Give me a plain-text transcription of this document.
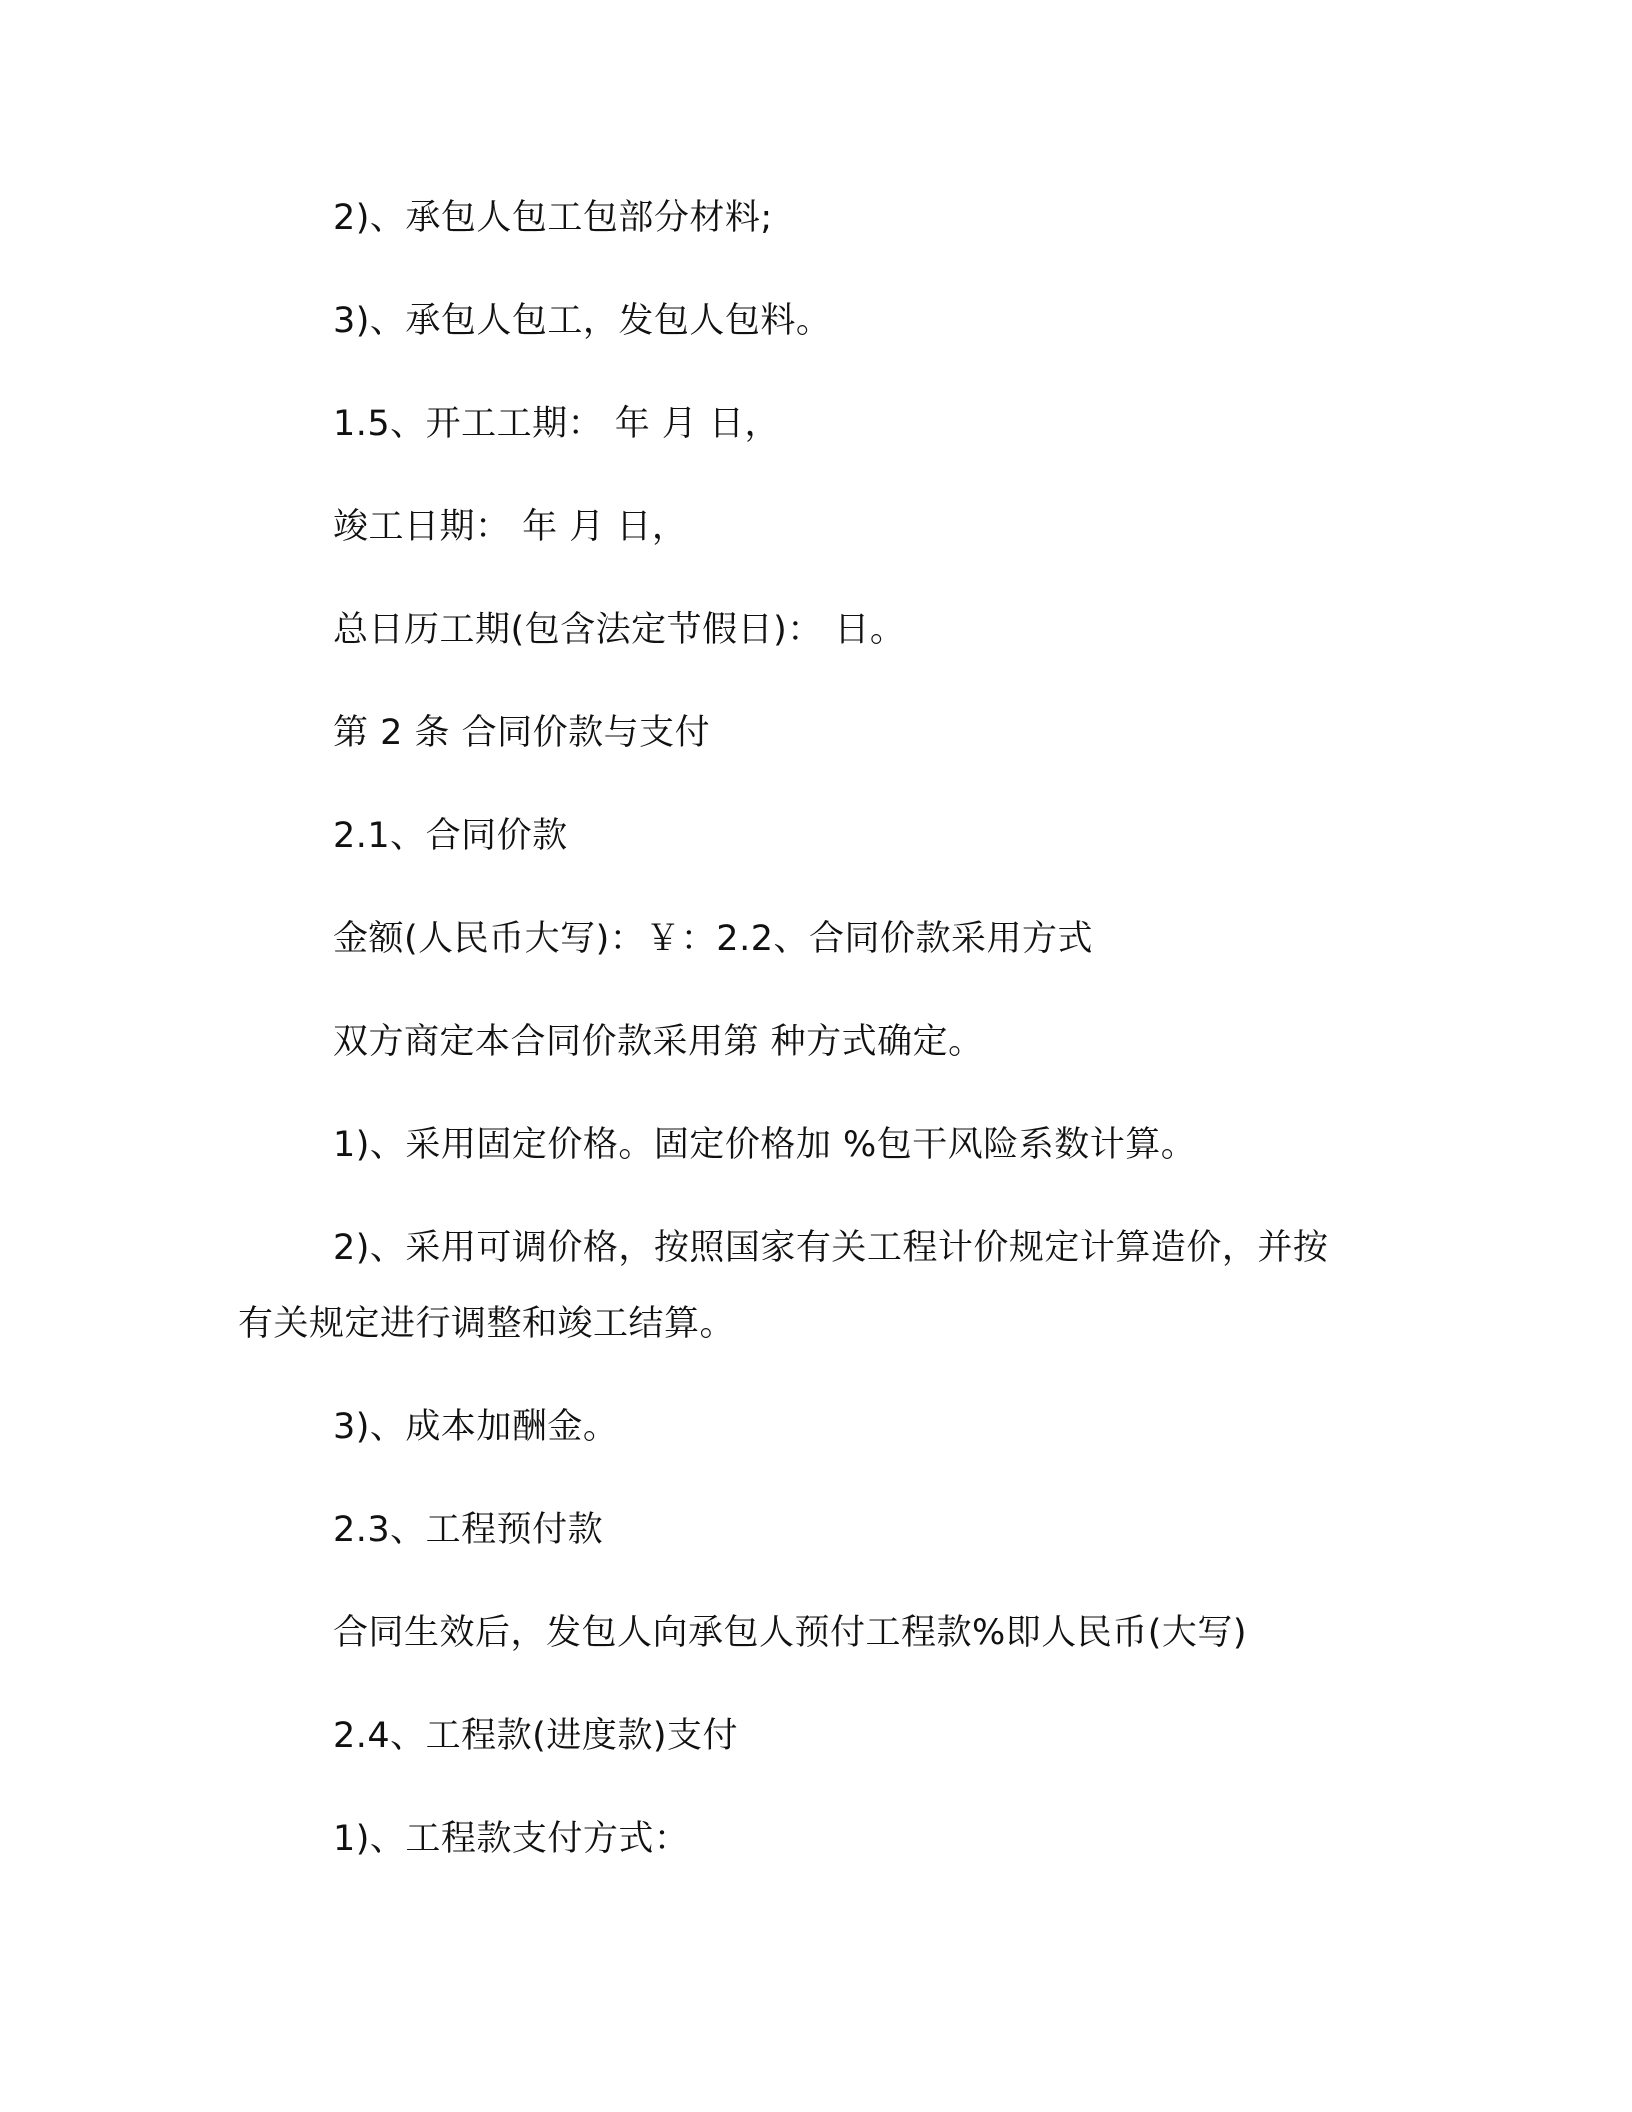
2)、承包人包工包部分材料;
3)、承包人包工，发包人包料。
1.5、开工工期： 年 月 日，
竣工日期： 年 月 日，
总日历工期(包含法定节假日)： 日。
第 2 条 合同价款与支付
2.1、合同价款
金额(人民币大写)：￥：2.2、合同价款采用方式
双方商定本合同价款采用第 种方式确定。
1)、采用固定价格。固定价格加 %包干风险系数计算。
2)、采用可调价格，按照国家有关工程计价规定计算造价，并按
有关规定进行调整和竣工结算。
3)、成本加酬金。
2.3、工程预付款
合同生效后，发包人向承包人预付工程款%即人民币(大写)
2.4、工程款(进度款)支付
1)、工程款支付方式：
